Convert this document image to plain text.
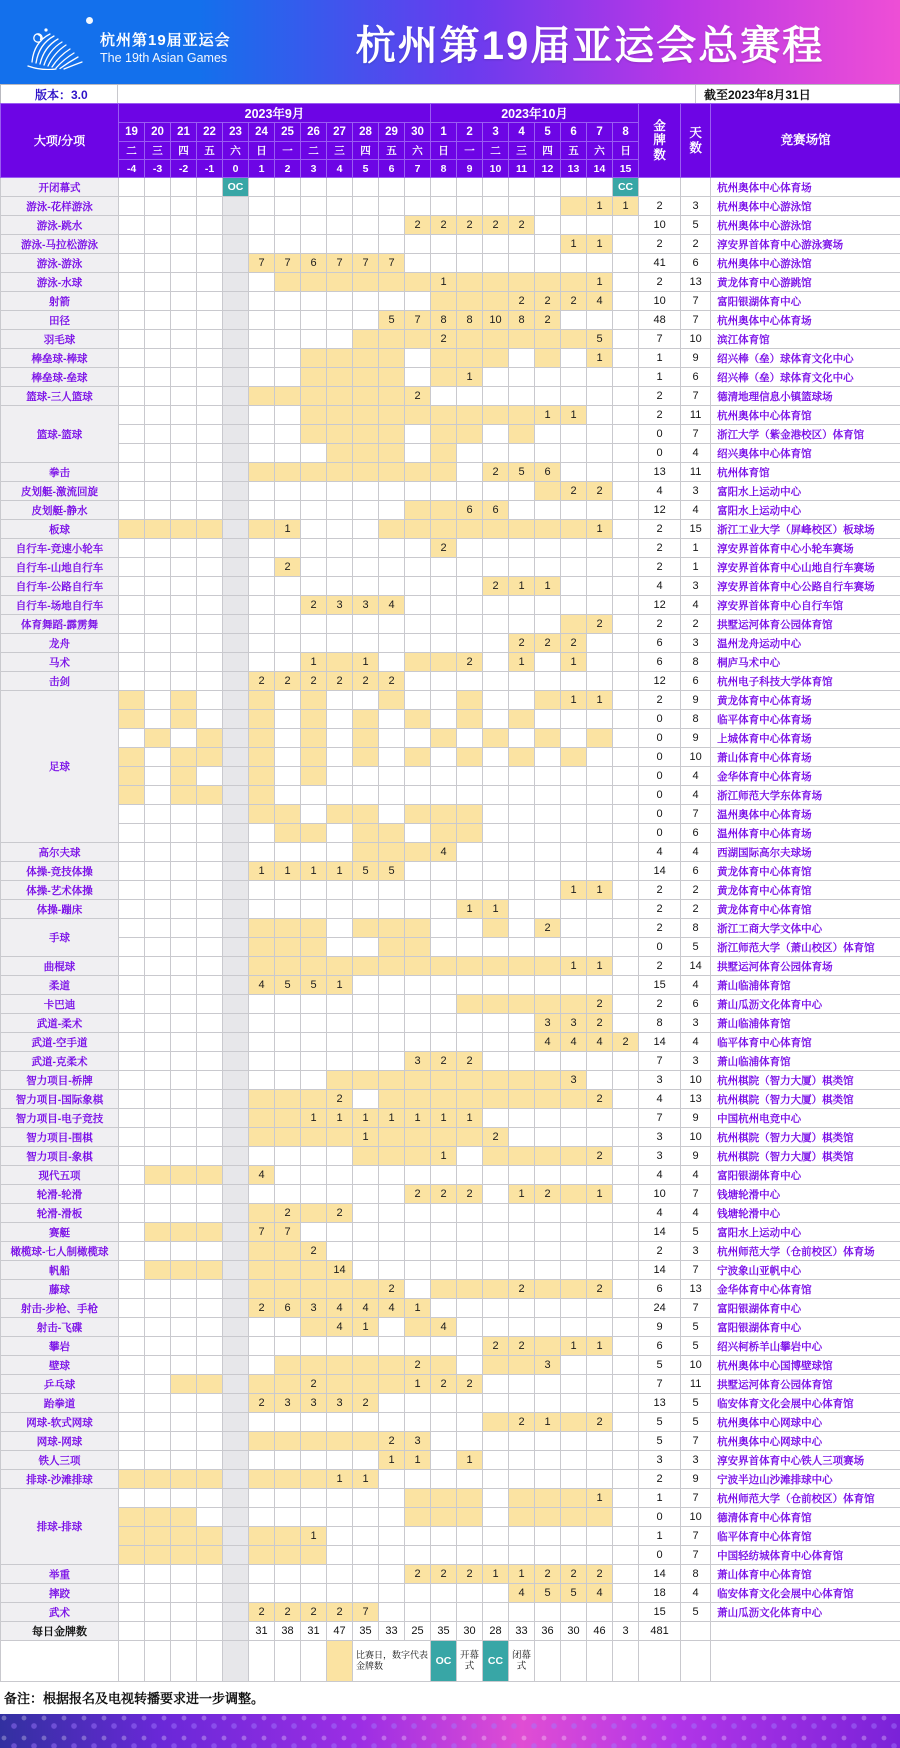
杭州第19届亚运会
The 19th Asian Games	杭州第19届亚运会总赛程
版本：3.0	截至2023年8月31日
大项/分项	2023年9月												2023年10月								金牌数	天数	竞赛场馆

	19	20	21	22	23	24	25	26	27	28	29	30	1	2	3	4	5	6	7	8			
	二	三	四	五	六	日	一	二	三	四	五	六	日	一	二	三	四	五	六	日			
	-4	-3	-2	-1	0	1	2	3	4	5	6	7	8	9	10	11	12	13	14	15			
开闭幕式					OC															CC			杭州奥体中心体育场
游泳-花样游泳																			1	1	2	3	杭州奥体中心游泳馆
游泳-跳水												2	2	2	2	2					10	5	杭州奥体中心游泳馆
游泳-马拉松游泳																		1	1		2	2	淳安界首体育中心游泳赛场
游泳-游泳						7	7	6	7	7	7										41	6	杭州奥体中心游泳馆
游泳-水球													1						1		2	13	黄龙体育中心游跳馆
射箭																2	2	2	4		10	7	富阳银湖体育中心
田径											5	7	8	8	10	8	2				48	7	杭州奥体中心体育场
羽毛球													2						5		7	10	滨江体育馆
棒垒球-棒球																			1		1	9	绍兴棒（垒）球体育文化中心
棒垒球-垒球														1							1	6	绍兴棒（垒）球体育文化中心
篮球-三人篮球												2									2	7	德清地理信息小镇篮球场
篮球-篮球																	1	1			2	11	杭州奥体中心体育馆
																					0	7	浙江大学（紫金港校区）体育馆
																					0	4	绍兴奥体中心体育馆
拳击															2	5	6				13	11	杭州体育馆
皮划艇-激流回旋																		2	2		4	3	富阳水上运动中心
皮划艇-静水														6	6						12	4	富阳水上运动中心
板球							1												1		2	15	浙江工业大学（屏峰校区）板球场
自行车-竞速小轮车													2								2	1	淳安界首体育中心小轮车赛场
自行车-山地自行车							2														2	1	淳安界首体育中心山地自行车赛场
自行车-公路自行车															2	1	1				4	3	淳安界首体育中心公路自行车赛场
自行车-场地自行车								2	3	3	4										12	4	淳安界首体育中心自行车馆
体育舞蹈-霹雳舞																			2		2	2	拱墅运河体育公园体育馆
龙舟																2	2	2			6	3	温州龙舟运动中心
马术								1		1				2		1		1			6	8	桐庐马术中心
击剑						2	2	2	2	2	2										12	6	杭州电子科技大学体育馆
足球																		1	1		2	9	黄龙体育中心体育场
																					0	8	临平体育中心体育场
																					0	9	上城体育中心体育场
																					0	10	萧山体育中心体育场
																					0	4	金华体育中心体育场
																					0	4	浙江师范大学东体育场
																					0	7	温州奥体中心体育场
																					0	6	温州体育中心体育场
高尔夫球													4								4	4	西湖国际高尔夫球场
体操-竞技体操						1	1	1	1	5	5										14	6	黄龙体育中心体育馆
体操-艺术体操																		1	1		2	2	黄龙体育中心体育馆
体操-蹦床														1	1						2	2	黄龙体育中心体育馆
手球																	2				2	8	浙江工商大学文体中心
																					0	5	浙江师范大学（萧山校区）体育馆
曲棍球																		1	1		2	14	拱墅运河体育公园体育场
柔道						4	5	5	1												15	4	萧山临浦体育馆
卡巴迪																			2		2	6	萧山瓜沥文化体育中心
武道-柔术																	3	3	2		8	3	萧山临浦体育馆
武道-空手道																	4	4	4	2	14	4	临平体育中心体育馆
武道-克柔术												3	2	2							7	3	萧山临浦体育馆
智力项目-桥牌																		3			3	10	杭州棋院（智力大厦）棋类馆
智力项目-国际象棋									2										2		4	13	杭州棋院（智力大厦）棋类馆
智力项目-电子竞技								1	1	1	1	1	1	1							7	9	中国杭州电竞中心
智力项目-围棋										1					2						3	10	杭州棋院（智力大厦）棋类馆
智力项目-象棋													1						2		3	9	杭州棋院（智力大厦）棋类馆
现代五项						4															4	4	富阳银湖体育中心
轮滑-轮滑												2	2	2		1	2		1		10	7	钱塘轮滑中心
轮滑-滑板							2		2												4	4	钱塘轮滑中心
赛艇						7	7														14	5	富阳水上运动中心
橄榄球-七人制橄榄球								2													2	3	杭州师范大学（仓前校区）体育场
帆船									14												14	7	宁波象山亚帆中心
藤球											2					2			2		6	13	金华体育中心体育馆
射击-步枪、手枪						2	6	3	4	4	4	1									24	7	富阳银湖体育中心
射击-飞碟									4	1			4								9	5	富阳银湖体育中心
攀岩															2	2		1	1		6	5	绍兴柯桥羊山攀岩中心
壁球												2					3				5	10	杭州奥体中心国博壁球馆
乒乓球								2				1	2	2							7	11	拱墅运河体育公园体育馆
跆拳道						2	3	3	3	2											13	5	临安体育文化会展中心体育馆
网球-软式网球																2	1		2		5	5	杭州奥体中心网球中心
网球-网球											2	3									5	7	杭州奥体中心网球中心
铁人三项											1	1		1							3	3	淳安界首体育中心铁人三项赛场
排球-沙滩排球									1	1											2	9	宁波半边山沙滩排球中心
排球-排球																			1		1	7	杭州师范大学（仓前校区）体育馆
																					0	10	德清体育中心体育馆
								1													1	7	临平体育中心体育馆
																					0	7	中国轻纺城体育中心体育馆
举重												2	2	2	1	1	2	2	2		14	8	萧山体育中心体育馆
摔跤																4	5	5	4		18	4	临安体育文化会展中心体育馆
武术						2	2	2	2	7											15	5	萧山瓜沥文化体育中心
每日金牌数						31	38	31	47	35	33	25	35	30	28	33	36	30	46	3	481		
										比赛日，数字代表金牌数			OC	开幕式	CC	闭幕式							
备注：根据报名及电视转播要求进一步调整。
